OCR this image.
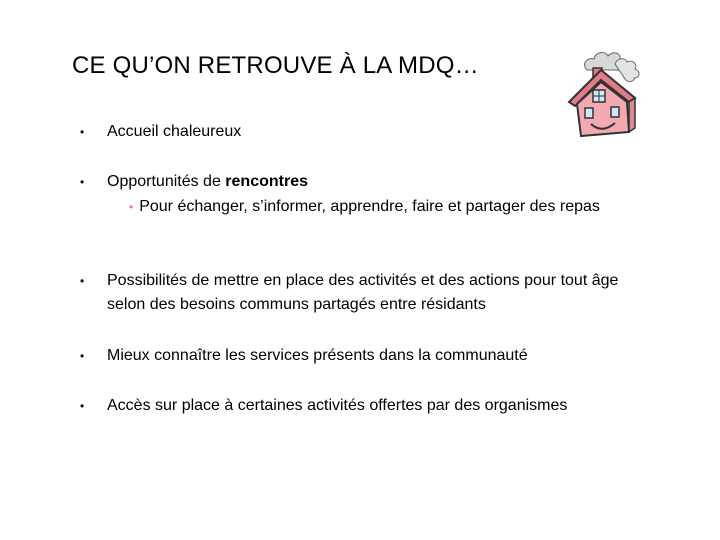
CE QU’ON RETROUVE À LA MDQ…
• Accueil chaleureux
• Opportunités de rencontres
• Pour échanger, s’informer, apprendre, faire et partager des repas
• Possibilités de mettre en place des activités et des actions pour tout âge selon des besoins communs partagés entre résidants
• Mieux connaître les services présents dans la communauté
• Accès sur place à certaines activités offertes par des organismes
